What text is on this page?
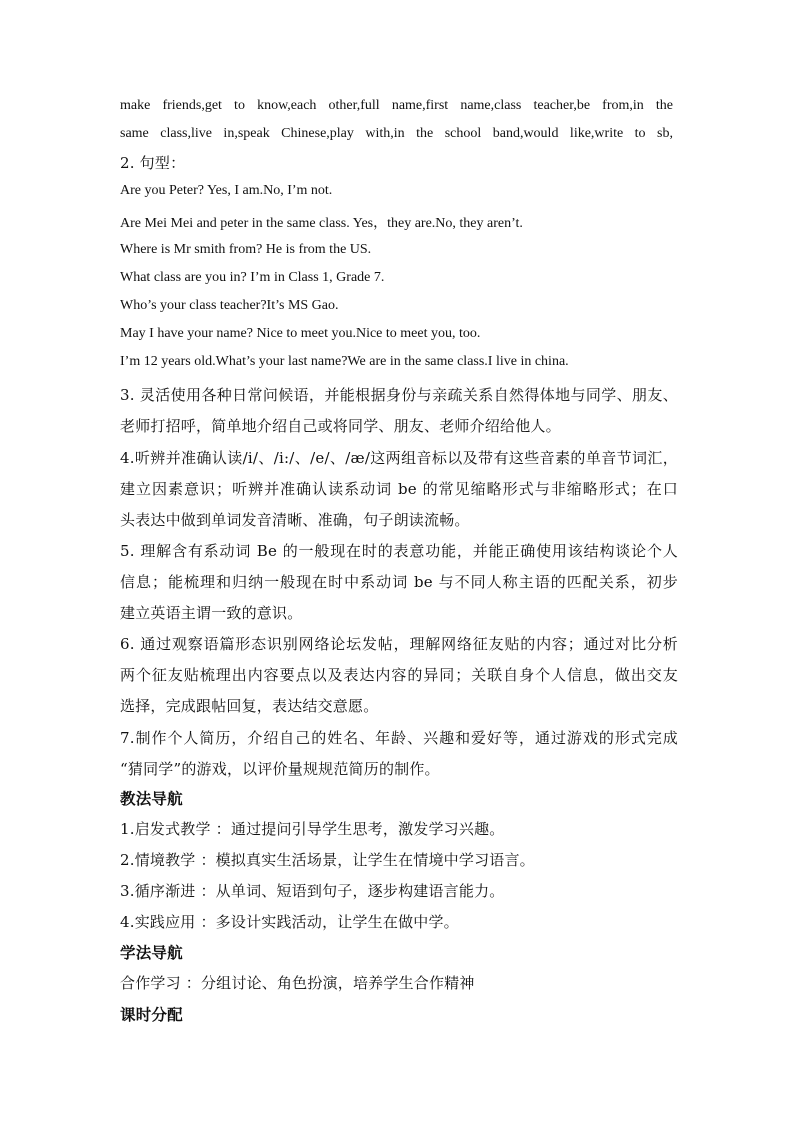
make friends,get to know,each other,full name,first name,class teacher,be from,in the
same class,live in,speak Chinese,play with,in the school band,would like,write to sb,
2. 句型：
Are you Peter? Yes, I am.No, I’m not.
Are Mei Mei and peter in the same class. Yes，they are.No, they aren’t.
Where is Mr smith from? He is from the US.
What class are you in? I’m in Class 1, Grade 7.
Who’s your class teacher?It’s MS Gao.
May I have your name? Nice to meet you.Nice to meet you, too.
I’m 12 years old.What’s your last name?We are in the same class.I live in china.
3. 灵活使用各种日常问候语，并能根据身份与亲疏关系自然得体地与同学、朋友、
老师打招呼，简单地介绍自己或将同学、朋友、老师介绍给他人。
4.听辨并准确认读/i/、/i:/、/e/、/æ/这两组音标以及带有这些音素的单音节词汇，
建立因素意识；听辨并准确认读系动词 be 的常见缩略形式与非缩略形式；在口
头表达中做到单词发音清晰、准确，句子朗读流畅。
5. 理解含有系动词 Be 的一般现在时的表意功能，并能正确使用该结构谈论个人
信息；能梳理和归纳一般现在时中系动词 be 与不同人称主语的匹配关系，初步
建立英语主谓一致的意识。
6. 通过观察语篇形态识别网络论坛发帖，理解网络征友贴的内容；通过对比分析
两个征友贴梳理出内容要点以及表达内容的异同；关联自身个人信息，做出交友
选择，完成跟帖回复，表达结交意愿。
7.制作个人简历，介绍自己的姓名、年龄、兴趣和爱好等，通过游戏的形式完成
“猜同学”的游戏，以评价量规规范简历的制作。
教法导航
1.启发式教学 ：通过提问引导学生思考，激发学习兴趣。
2.情境教学 ：模拟真实生活场景，让学生在情境中学习语言。
3.循序渐进 ：从单词、短语到句子，逐步构建语言能力。
4.实践应用 ：多设计实践活动，让学生在做中学。
学法导航
合作学习 ：分组讨论、角色扮演，培养学生合作精神
课时分配
